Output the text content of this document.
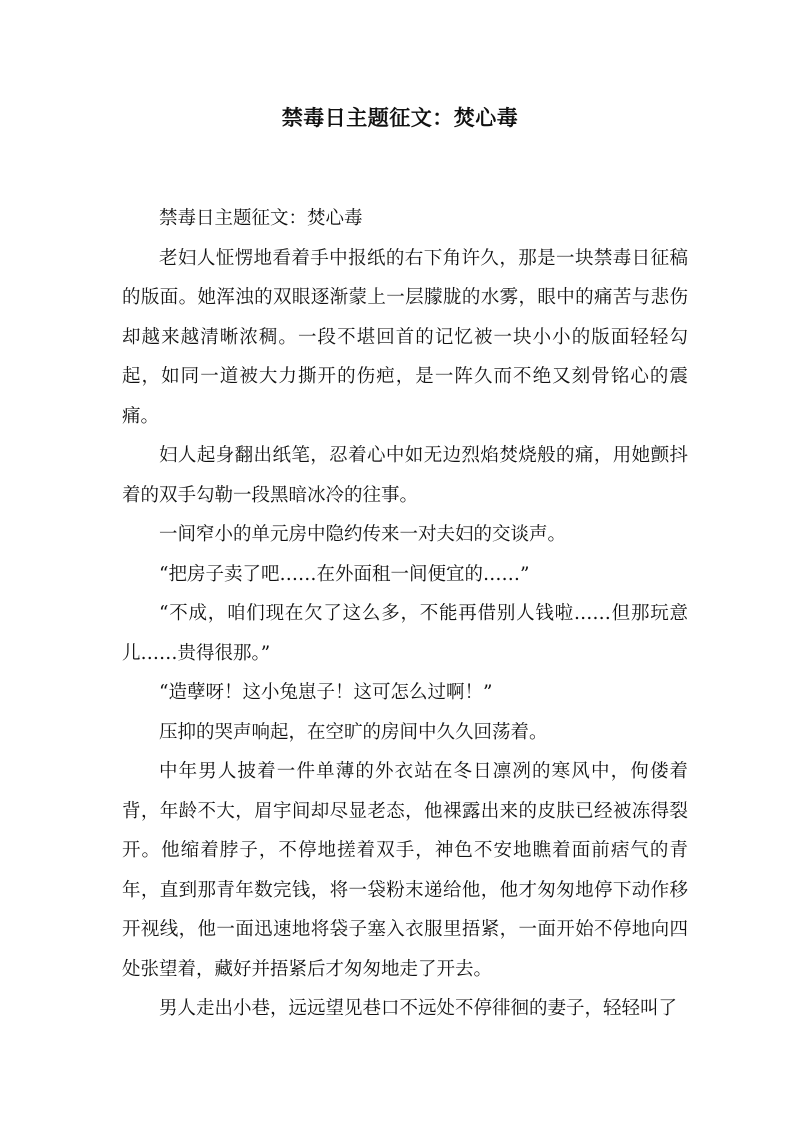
禁毒日主题征文：焚心毒

禁毒日主题征文：焚心毒

老妇人怔愣地看着手中报纸的右下角许久，那是一块禁毒日征稿的版面。她浑浊的双眼逐渐蒙上一层朦胧的水雾，眼中的痛苦与悲伤却越来越清晰浓稠。一段不堪回首的记忆被一块小小的版面轻轻勾起，如同一道被大力撕开的伤疤，是一阵久而不绝又刻骨铭心的震痛。

妇人起身翻出纸笔，忍着心中如无边烈焰焚烧般的痛，用她颤抖着的双手勾勒一段黑暗冰冷的往事。

一间窄小的单元房中隐约传来一对夫妇的交谈声。

“把房子卖了吧……在外面租一间便宜的……”

“不成，咱们现在欠了这么多，不能再借别人钱啦……但那玩意儿……贵得很那。”

“造孽呀！这小兔崽子！这可怎么过啊！”

压抑的哭声响起，在空旷的房间中久久回荡着。

中年男人披着一件单薄的外衣站在冬日凛冽的寒风中，佝偻着背，年龄不大，眉宇间却尽显老态，他裸露出来的皮肤已经被冻得裂开。他缩着脖子，不停地搓着双手，神色不安地瞧着面前痞气的青年，直到那青年数完钱，将一袋粉末递给他，他才匆匆地停下动作移开视线，他一面迅速地将袋子塞入衣服里捂紧，一面开始不停地向四处张望着，藏好并捂紧后才匆匆地走了开去。

男人走出小巷，远远望见巷口不远处不停徘徊的妻子，轻轻叫了
